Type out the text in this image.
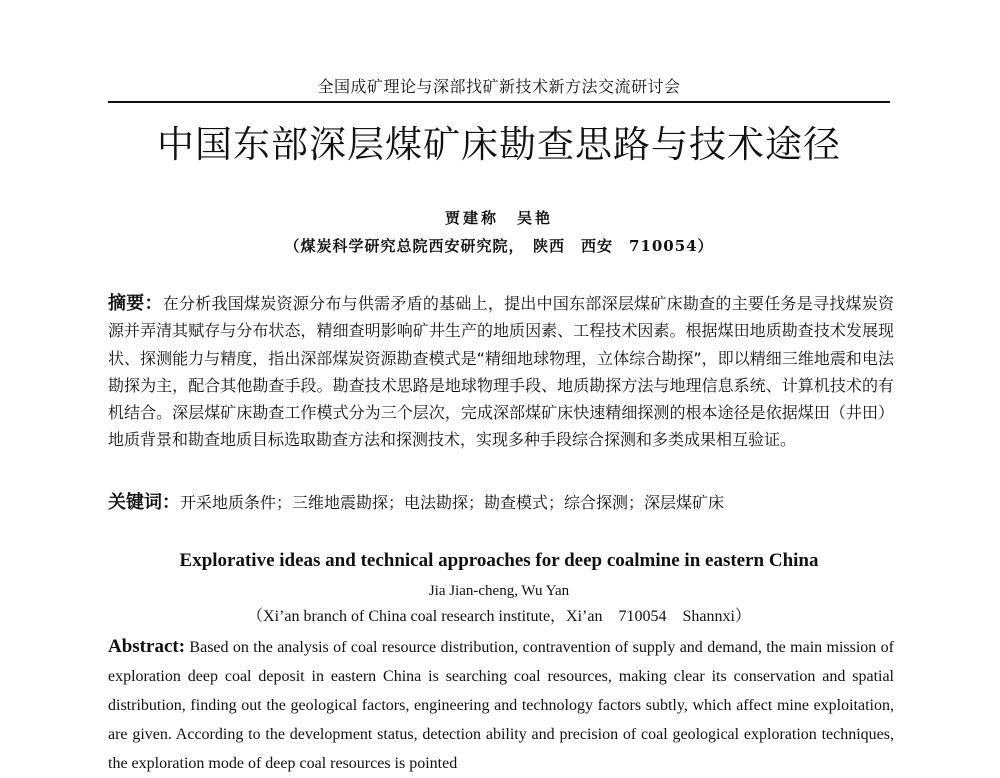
全国成矿理论与深部找矿新技术新方法交流研讨会
中国东部深层煤矿床勘查思路与技术途径
贾建称　吴艳
（煤炭科学研究总院西安研究院，　陕西　西安　710054）

摘要：在分析我国煤炭资源分布与供需矛盾的基础上，提出中国东部深层煤矿床勘查的主要任务是寻找煤炭资源并弄清其赋存与分布状态，精细查明影响矿井生产的地质因素、工程技术因素。根据煤田地质勘查技术发展现状、探测能力与精度，指出深部煤炭资源勘查模式是“精细地球物理，立体综合勘探”，即以精细三维地震和电法勘探为主，配合其他勘查手段。勘查技术思路是地球物理手段、地质勘探方法与地理信息系统、计算机技术的有机结合。深层煤矿床勘查工作模式分为三个层次，完成深部煤矿床快速精细探测的根本途径是依据煤田（井田）地质背景和勘查地质目标选取勘查方法和探测技术，实现多种手段综合探测和多类成果相互验证。

关键词：开采地质条件；三维地震勘探；电法勘探；勘查模式；综合探测；深层煤矿床

Explorative ideas and technical approaches for deep coalmine in eastern China
Jia Jian-cheng, Wu Yan
（Xi’an branch of China coal research institute，Xi’an　710054　Shannxi）

Abstract: Based on the analysis of coal resource distribution, contravention of supply and demand, the main mission of exploration deep coal deposit in eastern China is searching coal resources, making clear its conservation and spatial distribution, finding out the geological factors, engineering and technology factors subtly, which affect mine exploitation, are given. According to the development status, detection ability and precision of coal geological exploration techniques, the exploration mode of deep coal resources is pointed
